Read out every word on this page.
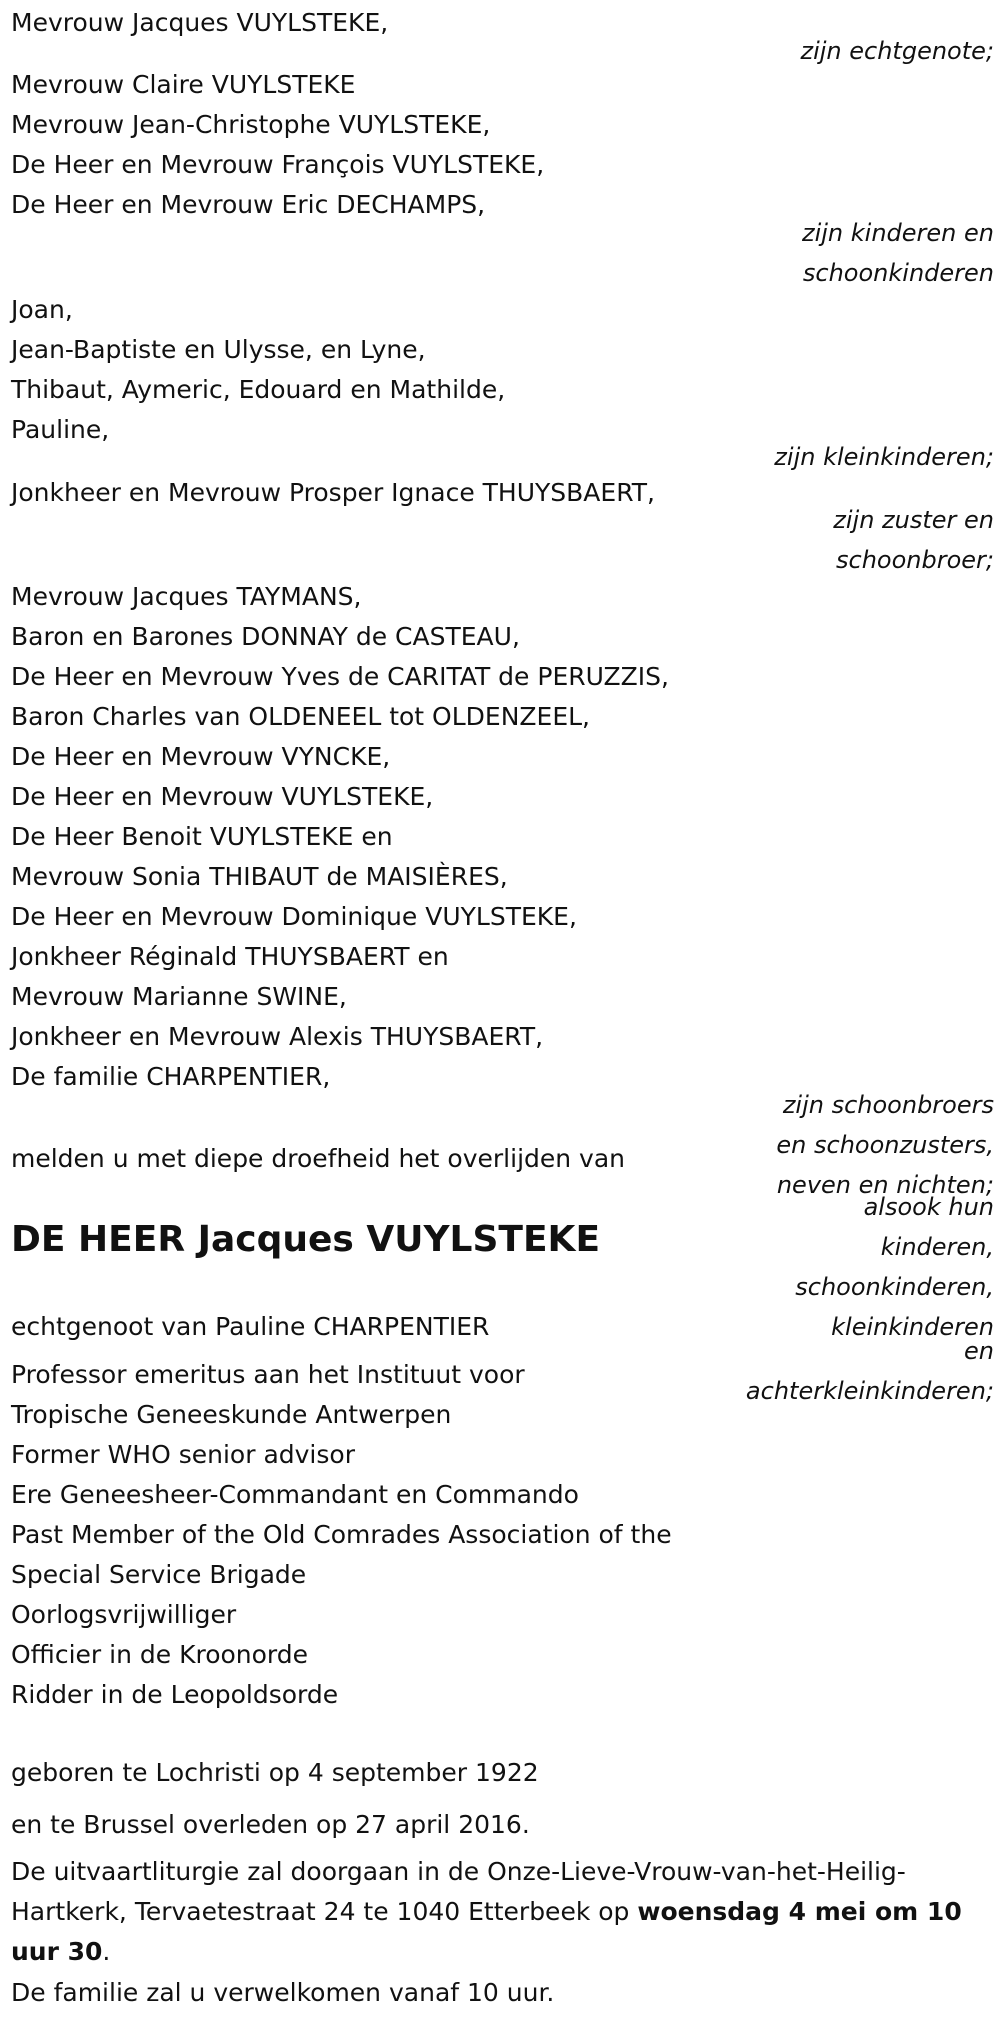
Mevrouw Jacques VUYLSTEKE,
Mevrouw Claire VUYLSTEKE
Mevrouw Jean-Christophe VUYLSTEKE,
De Heer en Mevrouw François VUYLSTEKE,
De Heer en Mevrouw Eric DECHAMPS,
Joan,
Jean-Baptiste en Ulysse, en Lyne,
Thibaut, Aymeric, Edouard en Mathilde,
Pauline,
Jonkheer en Mevrouw Prosper Ignace THUYSBAERT,
Mevrouw Jacques TAYMANS,
Baron en Barones DONNAY de CASTEAU,
De Heer en Mevrouw Yves de CARITAT de PERUZZIS,
Baron Charles van OLDENEEL tot OLDENZEEL,
De Heer en Mevrouw VYNCKE,
De Heer en Mevrouw VUYLSTEKE,
De Heer Benoit VUYLSTEKE en
Mevrouw Sonia THIBAUT de MAISIÈRES,
De Heer en Mevrouw Dominique VUYLSTEKE,
Jonkheer Réginald THUYSBAERT en
Mevrouw Marianne SWINE,
Jonkheer en Mevrouw Alexis THUYSBAERT,
De familie CHARPENTIER,
melden u met diepe droefheid het overlijden van
zijn echtgenote;
zijn kinderen en
schoonkinderen
zijn kleinkinderen;
zijn zuster en
schoonbroer;
zijn schoonbroers
en schoonzusters,
neven en nichten;
alsook hun
kinderen,
schoonkinderen,
kleinkinderen
en
achterkleinkinderen;
DE HEER Jacques VUYLSTEKE
echtgenoot van Pauline CHARPENTIER
Professor emeritus aan het Instituut voor
Tropische Geneeskunde Antwerpen
Former WHO senior advisor
Ere Geneesheer-Commandant en Commando
Past Member of the Old Comrades Association of the
Special Service Brigade
Oorlogsvrijwilliger
Officier in de Kroonorde
Ridder in de Leopoldsorde
geboren te Lochristi op 4 september 1922
en te Brussel overleden op 27 april 2016.
De uitvaartliturgie zal doorgaan in de Onze-Lieve-Vrouw-van-het-Heilig-Hartkerk, Tervaetestraat 24 te 1040 Etterbeek op woensdag 4 mei om 10 uur 30.
De familie zal u verwelkomen vanaf 10 uur.
